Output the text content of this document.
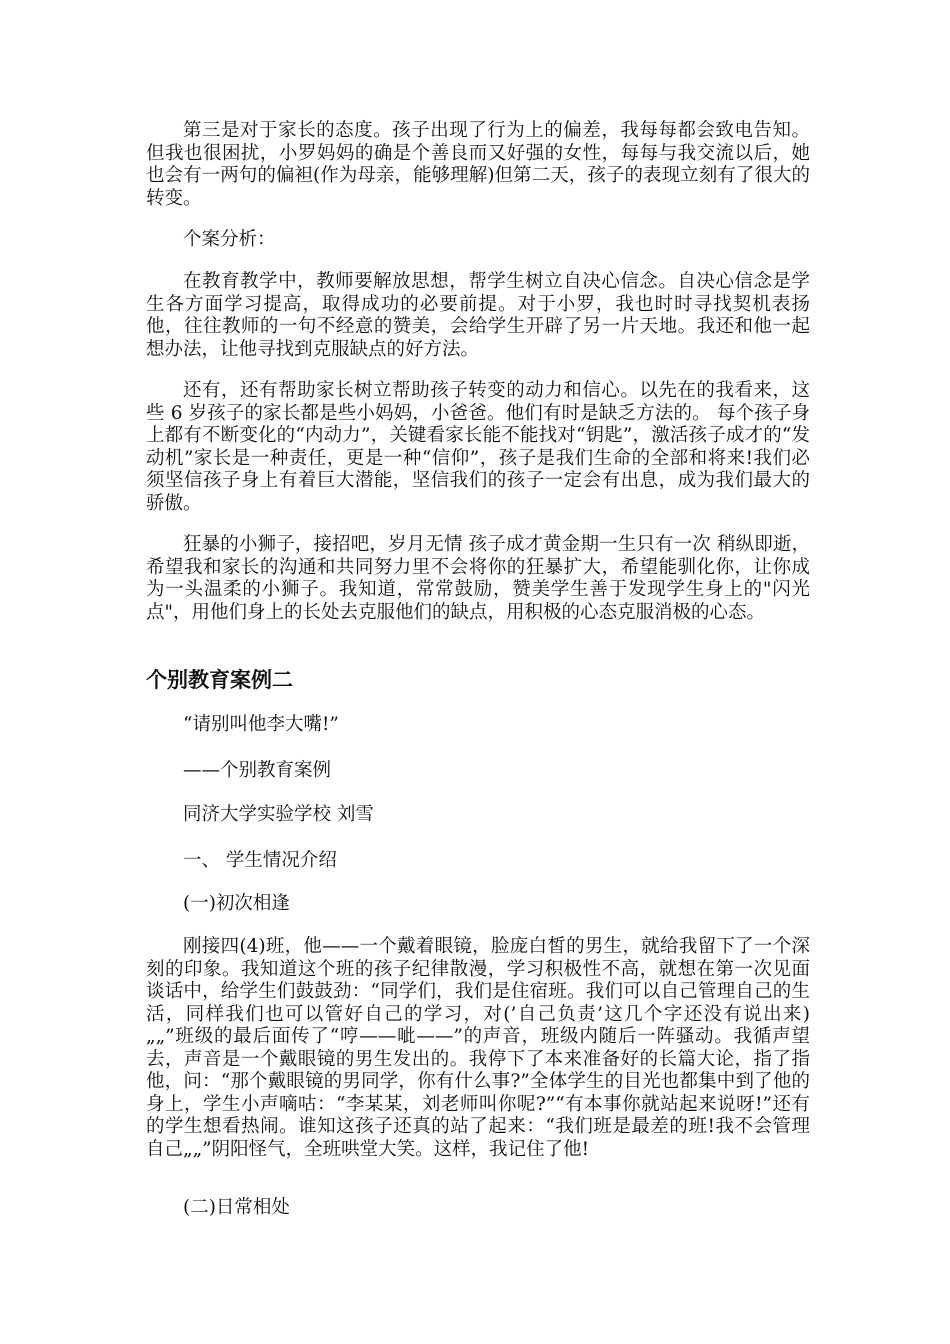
第三是对于家长的态度。孩子出现了行为上的偏差，我每每都会致电告知。但我也很困扰，小罗妈妈的确是个善良而又好强的女性，每每与我交流以后，她也会有一两句的偏袒(作为母亲，能够理解)但第二天，孩子的表现立刻有了很大的转变。

个案分析：

在教育教学中，教师要解放思想，帮学生树立自决心信念。自决心信念是学生各方面学习提高，取得成功的必要前提。对于小罗，我也时时寻找契机表扬他，往往教师的一句不经意的赞美，会给学生开辟了另一片天地。我还和他一起想办法，让他寻找到克服缺点的好方法。

还有，还有帮助家长树立帮助孩子转变的动力和信心。以先在的我看来，这些 6 岁孩子的家长都是些小妈妈，小爸爸。他们有时是缺乏方法的。 每个孩子身上都有不断变化的“内动力”，关键看家长能不能找对“钥匙”，激活孩子成才的“发动机”家长是一种责任，更是一种“信仰”，孩子是我们生命的全部和将来!我们必须坚信孩子身上有着巨大潜能，坚信我们的孩子一定会有出息，成为我们最大的骄傲。

狂暴的小狮子，接招吧，岁月无情 孩子成才黄金期一生只有一次 稍纵即逝，希望我和家长的沟通和共同努力里不会将你的狂暴扩大，希望能驯化你，让你成为一头温柔的小狮子。我知道，常常鼓励，赞美学生善于发现学生身上的"闪光点"，用他们身上的长处去克服他们的缺点，用积极的心态克服消极的心态。

个别教育案例二

“请别叫他李大嘴!”

——个别教育案例

同济大学实验学校 刘雪

一、 学生情况介绍

(一)初次相逢

刚接四(4)班，他——一个戴着眼镜，脸庞白皙的男生，就给我留下了一个深刻的印象。我知道这个班的孩子纪律散漫，学习积极性不高，就想在第一次见面谈话中，给学生们鼓鼓劲：“同学们，我们是住宿班。我们可以自己管理自己的生活，同样我们也可以管好自己的学习，对(’自己负责’这几个字还没有说出来)„„”班级的最后面传了“哼——呲——”的声音，班级内随后一阵骚动。我循声望去，声音是一个戴眼镜的男生发出的。我停下了本来准备好的长篇大论，指了指他，问：“那个戴眼镜的男同学，你有什么事?”全体学生的目光也都集中到了他的身上，学生小声嘀咕：“李某某，刘老师叫你呢?”“有本事你就站起来说呀!”还有的学生想看热闹。谁知这孩子还真的站了起来：“我们班是最差的班!我不会管理自己„„”阴阳怪气，全班哄堂大笑。这样，我记住了他!

(二)日常相处
